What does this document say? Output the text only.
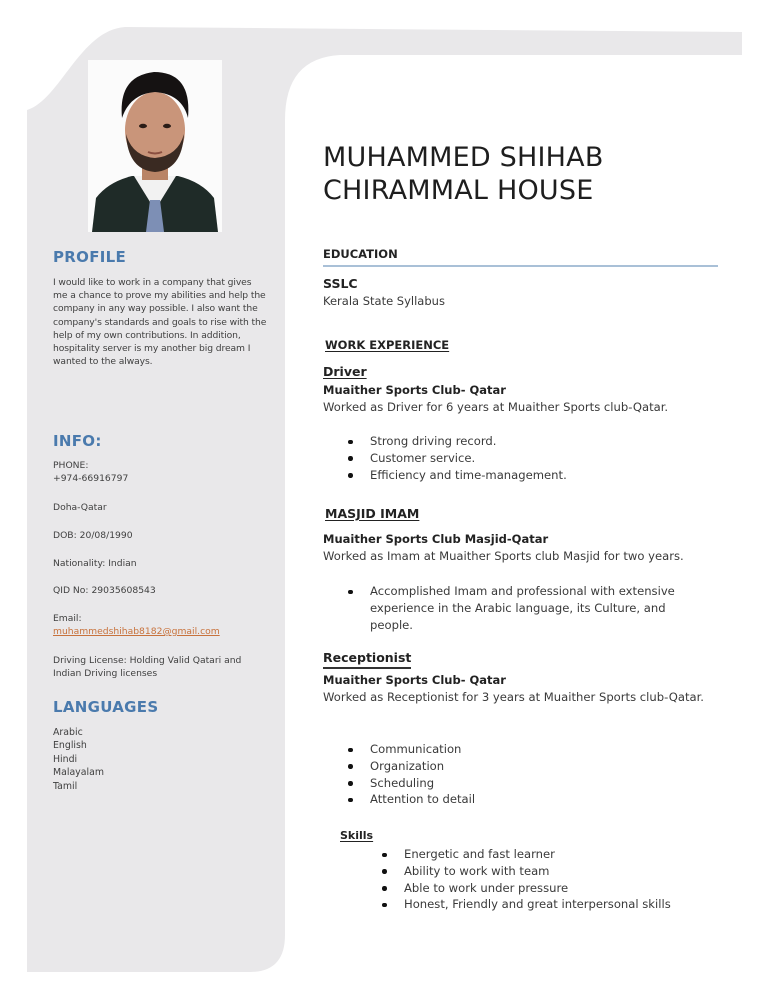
PROFILE

I would like to work in a company that gives me a chance to prove my abilities and help the company in any way possible. I also want the company's standards and goals to rise with the help of my own contributions. In addition, hospitality server is my another big dream I wanted to the always.

INFO:
PHONE:
+974-66916797
Doha-Qatar
DOB: 20/08/1990
Nationality: Indian
QID No: 29035608543
Email:
muhammedshihab8182@gmail.com
Driving License: Holding Valid Qatari and Indian Driving licenses
LANGUAGES
Arabic
English
Hindi
Malayalam
Tamil
MUHAMMED SHIHAB
CHIRAMMAL HOUSE
EDUCATION
SSLC
Kerala State Syllabus
WORK EXPERIENCE
Driver
Muaither Sports Club- Qatar
Worked as Driver for 6 years at Muaither Sports club-Qatar.
Strong driving record.
Customer service.
Efficiency and time-management.
MASJID IMAM
Muaither Sports Club Masjid-Qatar
Worked as Imam at Muaither Sports club Masjid for two years.
Accomplished Imam and professional with extensive experience in the Arabic language, its Culture, and people.
Receptionist
Muaither Sports Club- Qatar
Worked as Receptionist for 3 years at Muaither Sports club-Qatar.
Communication
Organization
Scheduling
Attention to detail
Skills
Energetic and fast learner
Ability to work with team
Able to work under pressure
Honest, Friendly and great interpersonal skills
